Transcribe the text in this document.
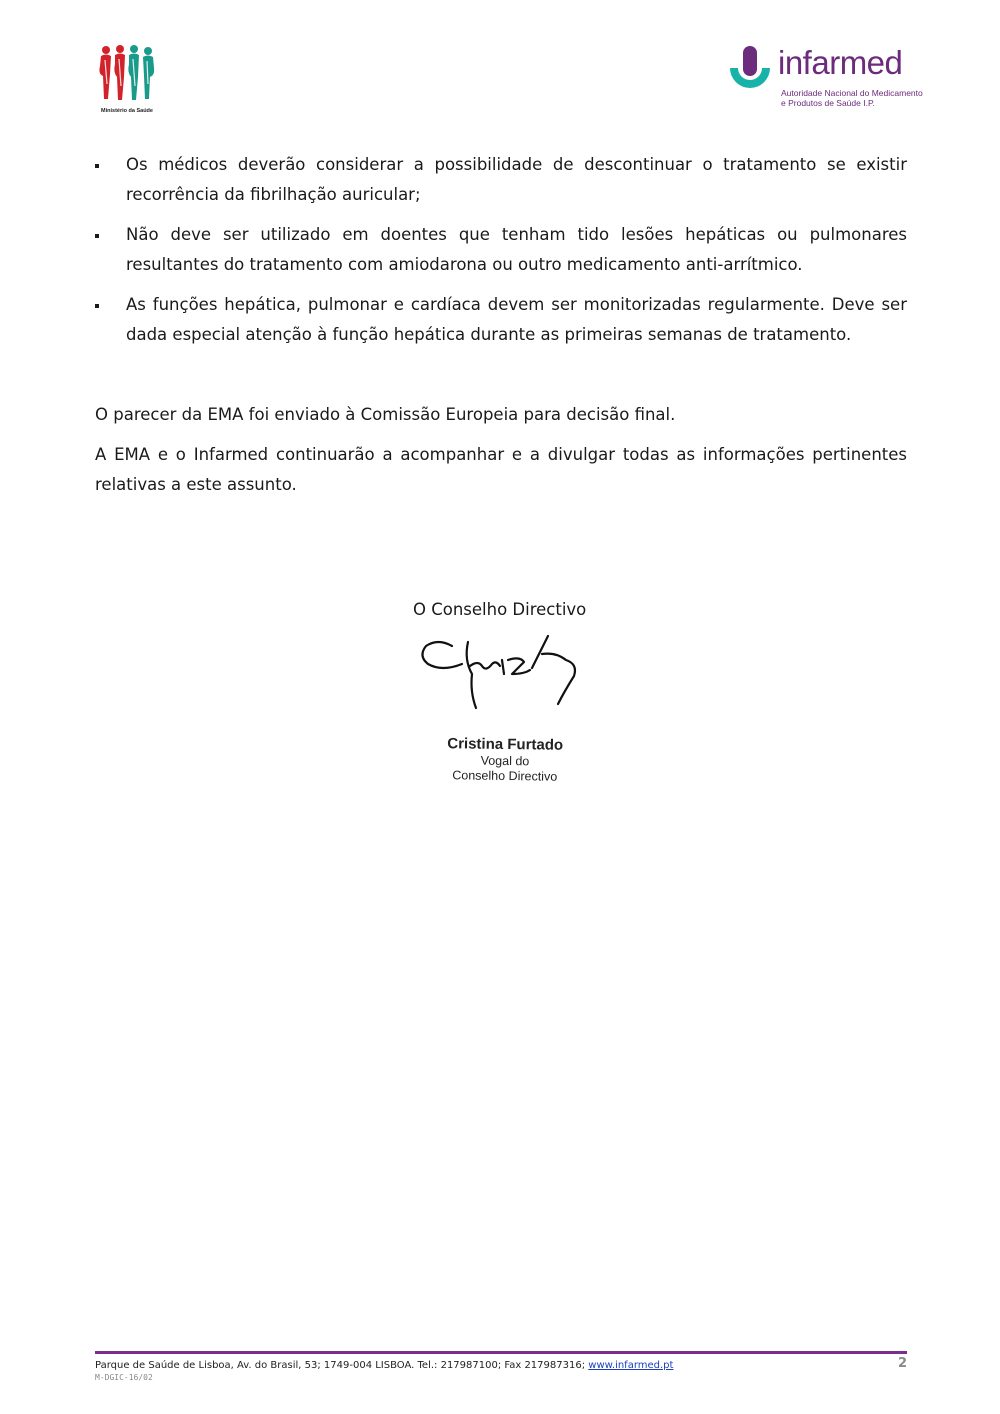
Ministério da Saúde
infarmed
Autoridade Nacional do Medicamento
e Produtos de Saúde I.P.
Os médicos deverão considerar a possibilidade de descontinuar o tratamento se existir recorrência da fibrilhação auricular;
Não deve ser utilizado em doentes que tenham tido lesões hepáticas ou pulmonares resultantes do tratamento com amiodarona ou outro medicamento anti-arrítmico.
As funções hepática, pulmonar e cardíaca devem ser monitorizadas regularmente. Deve ser dada especial atenção à função hepática durante as primeiras semanas de tratamento.

O parecer da EMA foi enviado à Comissão Europeia para decisão final.

A EMA e o Infarmed continuarão a acompanhar e a divulgar todas as informações pertinentes relativas a este assunto.

O Conselho Directivo
Cristina Furtado
Vogal do
Conselho Directivo
Parque de Saúde de Lisboa, Av. do Brasil, 53; 1749-004 LISBOA. Tel.: 217987100; Fax 217987316; www.infarmed.pt
M-DGIC-16/02
2
